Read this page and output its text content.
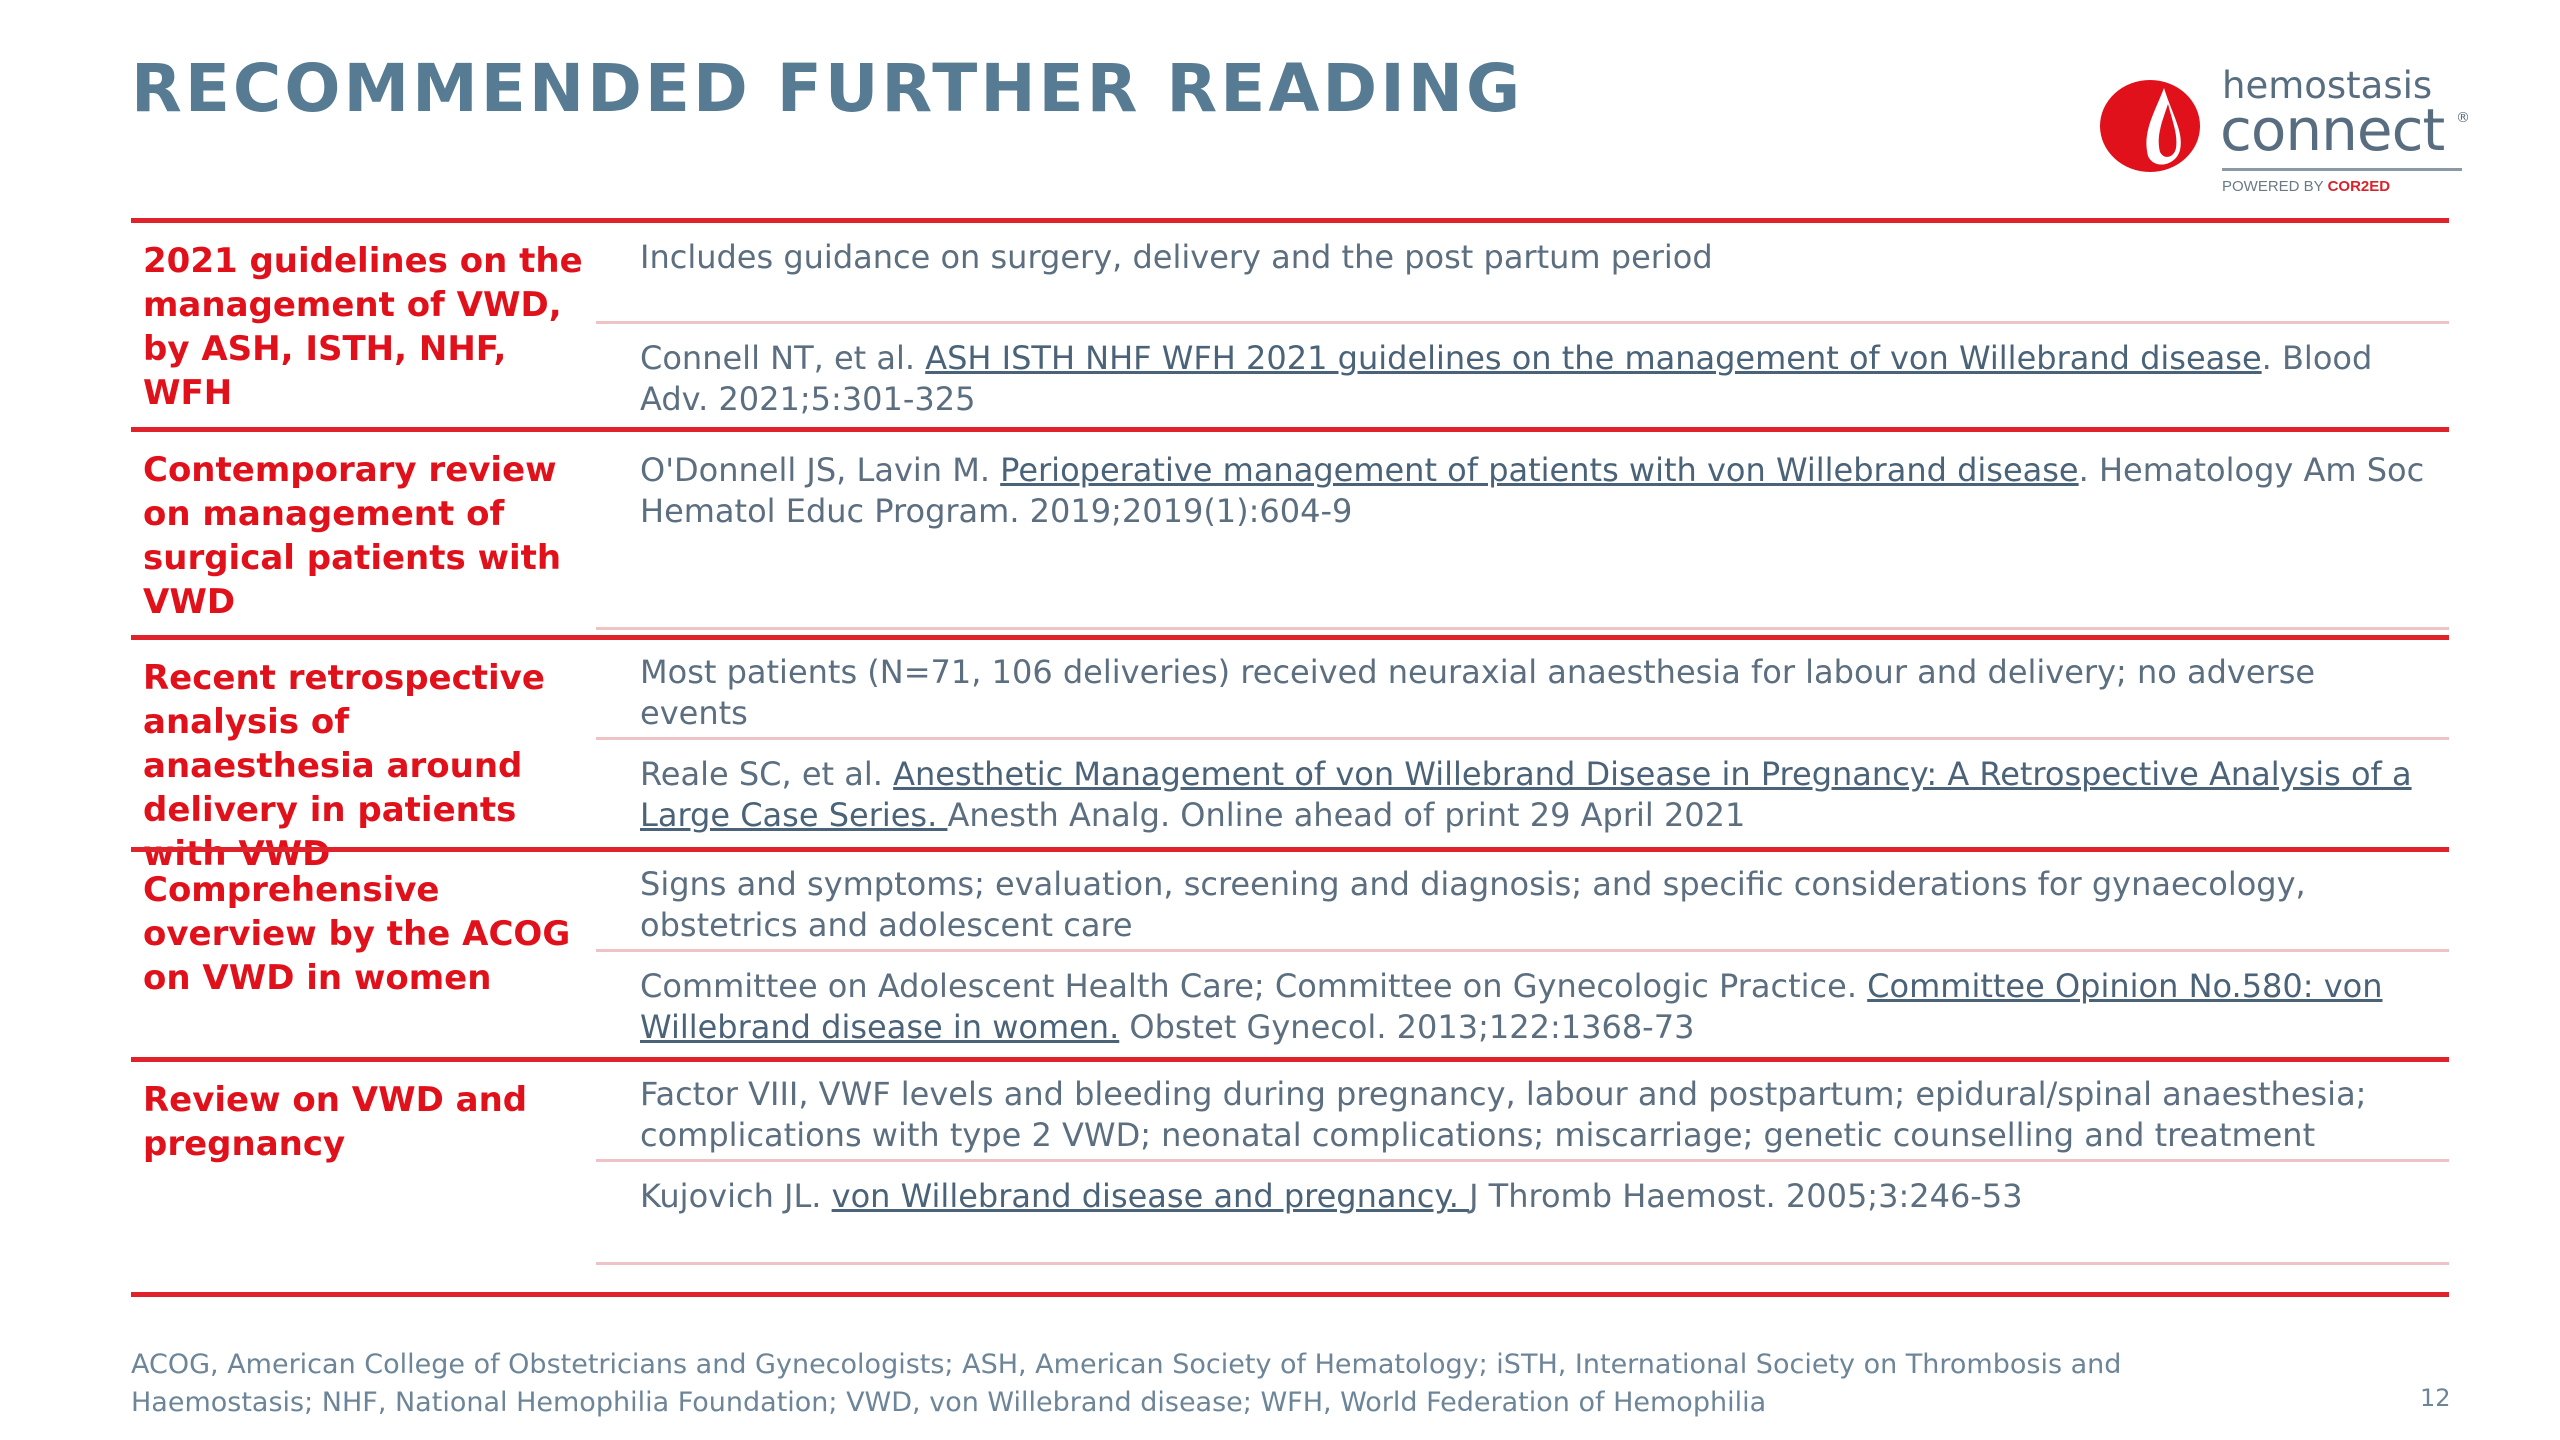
RECOMMENDED FURTHER READING	hemostasis
connect ®
POWERED BY COR2ED
2021 guidelines on the management of VWD, by ASH, ISTH, NHF, WFH
Includes guidance on surgery, delivery and the post partum period
Connell NT, et al. ASH ISTH NHF WFH 2021 guidelines on the management of von Willebrand disease. Blood Adv. 2021;5:301-325
Contemporary review on management of surgical patients with VWD
O'Donnell JS, Lavin M. Perioperative management of patients with von Willebrand disease. Hematology Am Soc Hematol Educ Program. 2019;2019(1):604-9
Recent retrospective analysis of anaesthesia around delivery in patients with VWD
Most patients (N=71, 106 deliveries) received neuraxial anaesthesia for labour and delivery; no adverse events
Reale SC, et al. Anesthetic Management of von Willebrand Disease in Pregnancy: A Retrospective Analysis of a Large Case Series. Anesth Analg. Online ahead of print 29 April 2021
Comprehensive overview by the ACOG on VWD in women
Signs and symptoms; evaluation, screening and diagnosis; and specific considerations for gynaecology, obstetrics and adolescent care
Committee on Adolescent Health Care; Committee on Gynecologic Practice. Committee Opinion No.580: von Willebrand disease in women. Obstet Gynecol. 2013;122:1368-73
Review on VWD and pregnancy
Factor VIII, VWF levels and bleeding during pregnancy, labour and postpartum; epidural/spinal anaesthesia; complications with type 2 VWD; neonatal complications; miscarriage; genetic counselling and treatment
Kujovich JL. von Willebrand disease and pregnancy. J Thromb Haemost. 2005;3:246-53
ACOG, American College of Obstetricians and Gynecologists; ASH, American Society of Hematology; iSTH, International Society on Thrombosis and Haemostasis; NHF, National Hemophilia Foundation; VWD, von Willebrand disease; WFH, World Federation of Hemophilia	12
